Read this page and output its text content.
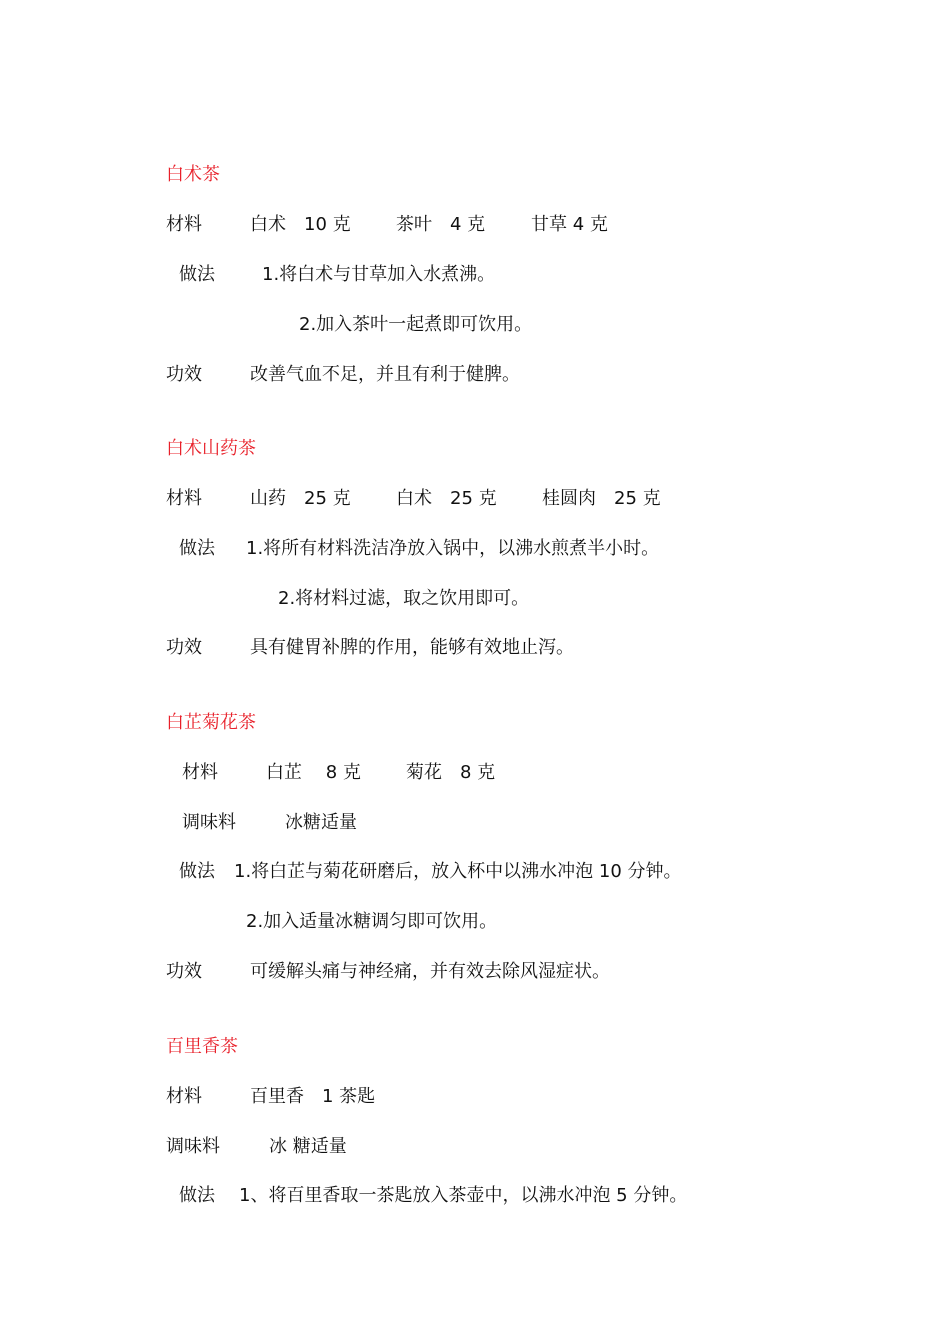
白术茶
材料	白术　10 克	茶叶　4 克	甘草 4 克
做法	1.将白术与甘草加入水煮沸。
2.加入茶叶一起煮即可饮用。
功效	改善气血不足，并且有利于健脾。
白术山药茶
材料	山药　25 克	白术　25 克	桂圆肉　25 克
做法 1.将所有材料洗洁净放入锅中，以沸水煎煮半小时。
2.将材料过滤，取之饮用即可。
功效	具有健胃补脾的作用，能够有效地止泻。
白芷菊花茶
材料	白芷　 8 克	菊花　8 克
调味料	冰糖适量
做法 1.将白芷与菊花研磨后，放入杯中以沸水冲泡 10 分钟。
2.加入适量冰糖调匀即可饮用。
功效	可缓解头痛与神经痛，并有效去除风湿症状。
百里香茶
材料	百里香　1 茶匙
调味料	冰 糖适量
做法 1、将百里香取一茶匙放入茶壶中，以沸水冲泡 5 分钟。
